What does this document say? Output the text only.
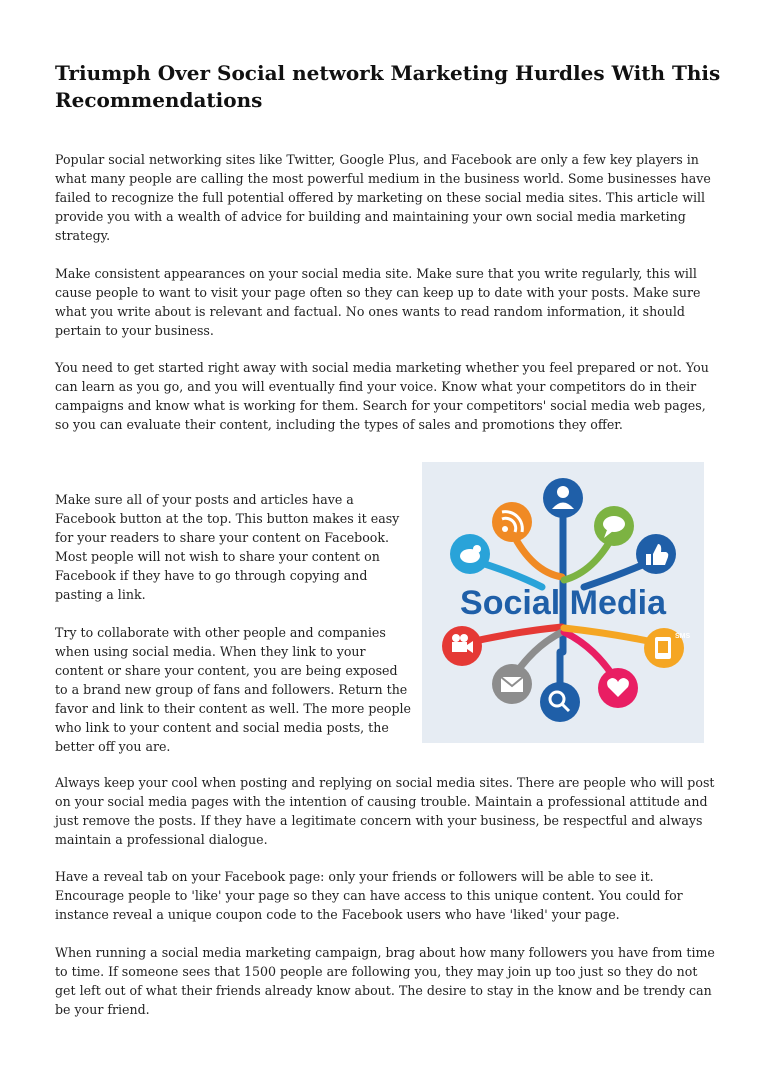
Triumph Over Social network Marketing Hurdles With This Recommendations

Popular social networking sites like Twitter, Google Plus, and Facebook are only a few key players in what many people are calling the most powerful medium in the business world. Some businesses have failed to recognize the full potential offered by marketing on these social media sites. This article will provide you with a wealth of advice for building and maintaining your own social media marketing strategy.

Make consistent appearances on your social media site. Make sure that you write regularly, this will cause people to want to visit your page often so they can keep up to date with your posts. Make sure what you write about is relevant and factual. No ones wants to read random information, it should pertain to your business.

You need to get started right away with social media marketing whether you feel prepared or not. You can learn as you go, and you will eventually find your voice. Know what your competitors do in their campaigns and know what is working for them. Search for your competitors' social media web pages, so you can evaluate their content, including the types of sales and promotions they offer.

Make sure all of your posts and articles have a Facebook button at the top. This button makes it easy for your readers to share your content on Facebook. Most people will not wish to share your content on Facebook if they have to go through copying and pasting a link.

Try to collaborate with other people and companies when using social media. When they link to your content or share your content, you are being exposed to a brand new group of fans and followers. Return the favor and link to their content as well. The more people who link to your content and social media posts, the better off you are.

Always keep your cool when posting and replying on social media sites. There are people who will post on your social media pages with the intention of causing trouble. Maintain a professional attitude and just remove the posts. If they have a legitimate concern with your business, be respectful and always maintain a professional dialogue.

Have a reveal tab on your Facebook page: only your friends or followers will be able to see it. Encourage people to 'like' your page so they can have access to this unique content. You could for instance reveal a unique coupon code to the Facebook users who have 'liked' your page.

When running a social media marketing campaign, brag about how many followers you have from time to time. If someone sees that 1500 people are following you, they may join up too just so they do not get left out of what their friends already know about. The desire to stay in the know and be trendy can be your friend.

Social Media
SMS
